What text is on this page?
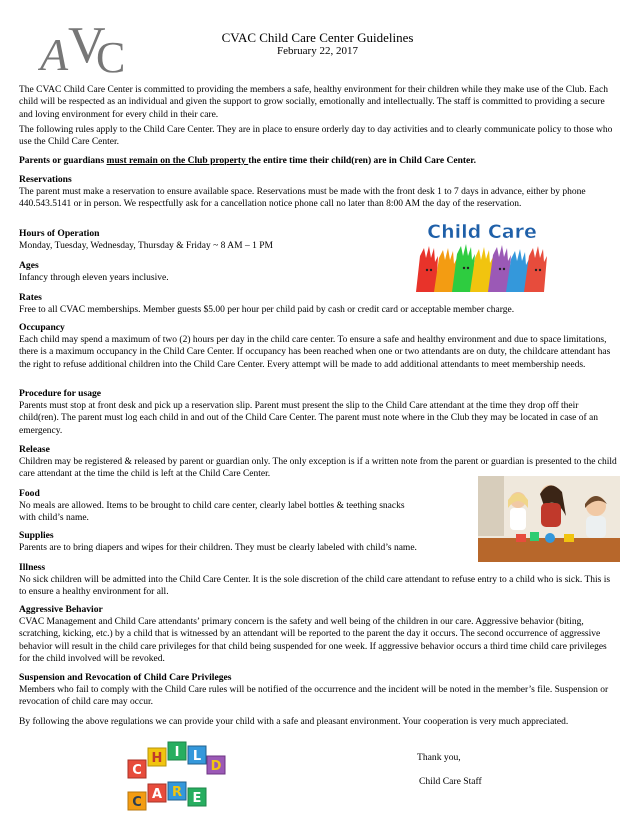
A V
C	CVAC Child Care Center Guidelines
February 22, 2017

The CVAC Child Care Center is committed to providing the members a safe, healthy environment for their children while they make use of the Club. Each child will be respected as an individual and given the support to grow socially, emotionally and intellectually. The staff is committed to providing a secure and loving environment for every child in their care.

The following rules apply to the Child Care Center. They are in place to ensure orderly day to day activities and to clearly communicate policy to those who use the Child Care Center.

Parents or guardians must remain on the Club property the entire time their child(ren) are in Child Care Center.

Reservations

The parent must make a reservation to ensure available space. Reservations must be made with the front desk 1 to 7 days in advance, either by phone 440.543.5141 or in person. We respectfully ask for a cancellation notice phone call no later than 8:00 AM the day of the reservation.

Hours of Operation

Monday, Tuesday, Wednesday, Thursday & Friday ~ 8 AM – 1 PM

Ages

Infancy through eleven years inclusive.

Rates

Free to all CVAC memberships. Member guests $5.00 per hour per child paid by cash or credit card or acceptable member charge.

Occupancy

Each child may spend a maximum of two (2) hours per day in the child care center. To ensure a safe and healthy environment and due to space limitations, there is a maximum occupancy in the Child Care Center. If occupancy has been reached when one or two attendants are on duty, the childcare attendant has the right to refuse additional children into the Child Care Center. Every attempt will be made to add additional attendants to meet membership needs.

Procedure for usage

Parents must stop at front desk and pick up a reservation slip. Parent must present the slip to the Child Care attendant at the time they drop off their child(ren). The parent must log each child in and out of the Child Care Center. The parent must note where in the Club they may be located in case of an emergency.

Release

Children may be registered & released by parent or guardian only. The only exception is if a written note from the parent or guardian is presented to the child care attendant at the time the child is left at the Child Care Center.

Food

No meals are allowed. Items to be brought to child care center, clearly label bottles & teething snacks with child’s name.

Supplies

Parents are to bring diapers and wipes for their children. They must be clearly labeled with child’s name.

Illness

No sick children will be admitted into the Child Care Center. It is the sole discretion of the child care attendant to refuse entry to a child who is sick. This is to ensure a healthy environment for all.

Aggressive Behavior

CVAC Management and Child Care attendants’ primary concern is the safety and well being of the children in our care. Aggressive behavior (biting, scratching, kicking, etc.) by a child that is witnessed by an attendant will be reported to the parent the day it occurs. The second occurrence of aggressive behavior will result in the child care privileges for that child being suspended for one week. If aggressive behavior occurs a third time child care privileges for the child involved will be revoked.

Suspension and Revocation of Child Care Privileges

Members who fail to comply with the Child Care rules will be notified of the occurrence and the incident will be noted in the member’s file. Suspension or revocation of child care may occur.

By following the above regulations we can provide your child with a safe and pleasant environment. Your cooperation is very much appreciated.

Thank you,
Child Care Staff
Child Care
C
H I L
D
C
A R E
